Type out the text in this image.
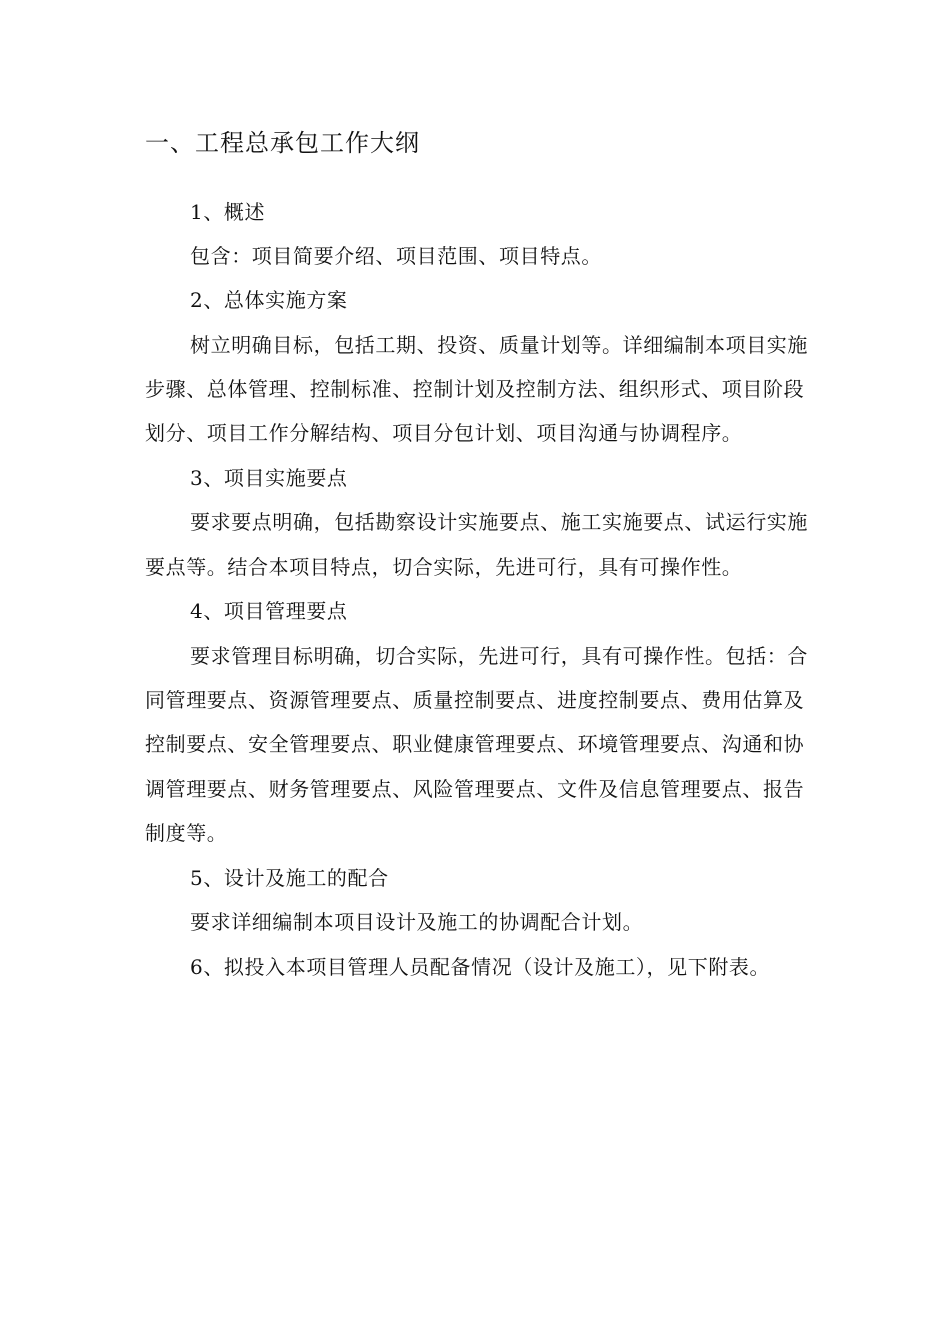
一、工程总承包工作大纲
1、概述
包含：项目简要介绍、项目范围、项目特点。
2、总体实施方案
树立明确目标，包括工期、投资、质量计划等。详细编制本项目实施
步骤、总体管理、控制标准、控制计划及控制方法、组织形式、项目阶段
划分、项目工作分解结构、项目分包计划、项目沟通与协调程序。
3、项目实施要点
要求要点明确，包括勘察设计实施要点、施工实施要点、试运行实施
要点等。结合本项目特点，切合实际，先进可行，具有可操作性。
4、项目管理要点
要求管理目标明确，切合实际，先进可行，具有可操作性。包括：合
同管理要点、资源管理要点、质量控制要点、进度控制要点、费用估算及
控制要点、安全管理要点、职业健康管理要点、环境管理要点、沟通和协
调管理要点、财务管理要点、风险管理要点、文件及信息管理要点、报告
制度等。
5、设计及施工的配合
要求详细编制本项目设计及施工的协调配合计划。
6、拟投入本项目管理人员配备情况（设计及施工），见下附表。
